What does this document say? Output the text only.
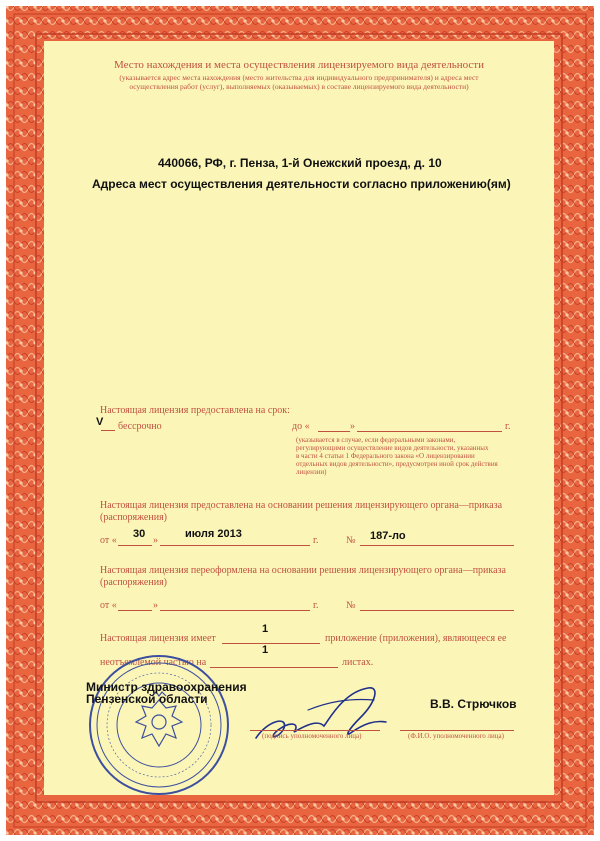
Место нахождения и места осуществления лицензируемого вида деятельности
(указывается адрес места нахождения (место жительства для индивидуального предпринимателя) и адреса мест
осуществления работ (услуг), выполняемых (оказываемых) в составе лицензируемого вида деятельности)
440066, РФ, г. Пенза, 1-й Онежский проезд, д. 10
Адреса мест осуществления деятельности согласно приложению(ям)
Настоящая лицензия предоставлена на срок:
V бессрочно	до «	»	г.
(указывается в случае, если федеральными законами,
регулирующими осуществление видов деятельности, указанных
в части 4 статьи 1 Федерального закона «О лицензировании
отдельных видов деятельности», предусмотрен иной срок действия
лицензии)
Настоящая лицензия предоставлена на основании решения лицензирующего органа—приказа
(распоряжения)
от «
30
»
июля 2013
г.	№ 187-ло
Настоящая лицензия переоформлена на основании решения лицензирующего органа—приказа
(распоряжения)
от «	»	г.	№
Настоящая лицензия имеет
1
приложение (приложения), являющееся ее
неотъемлемой частью на
1
листах.
Министр здравоохранения
Пензенской области
(подпись уполномоченного лица)
В.В. Стрючков
(Ф.И.О. уполномоченного лица)
